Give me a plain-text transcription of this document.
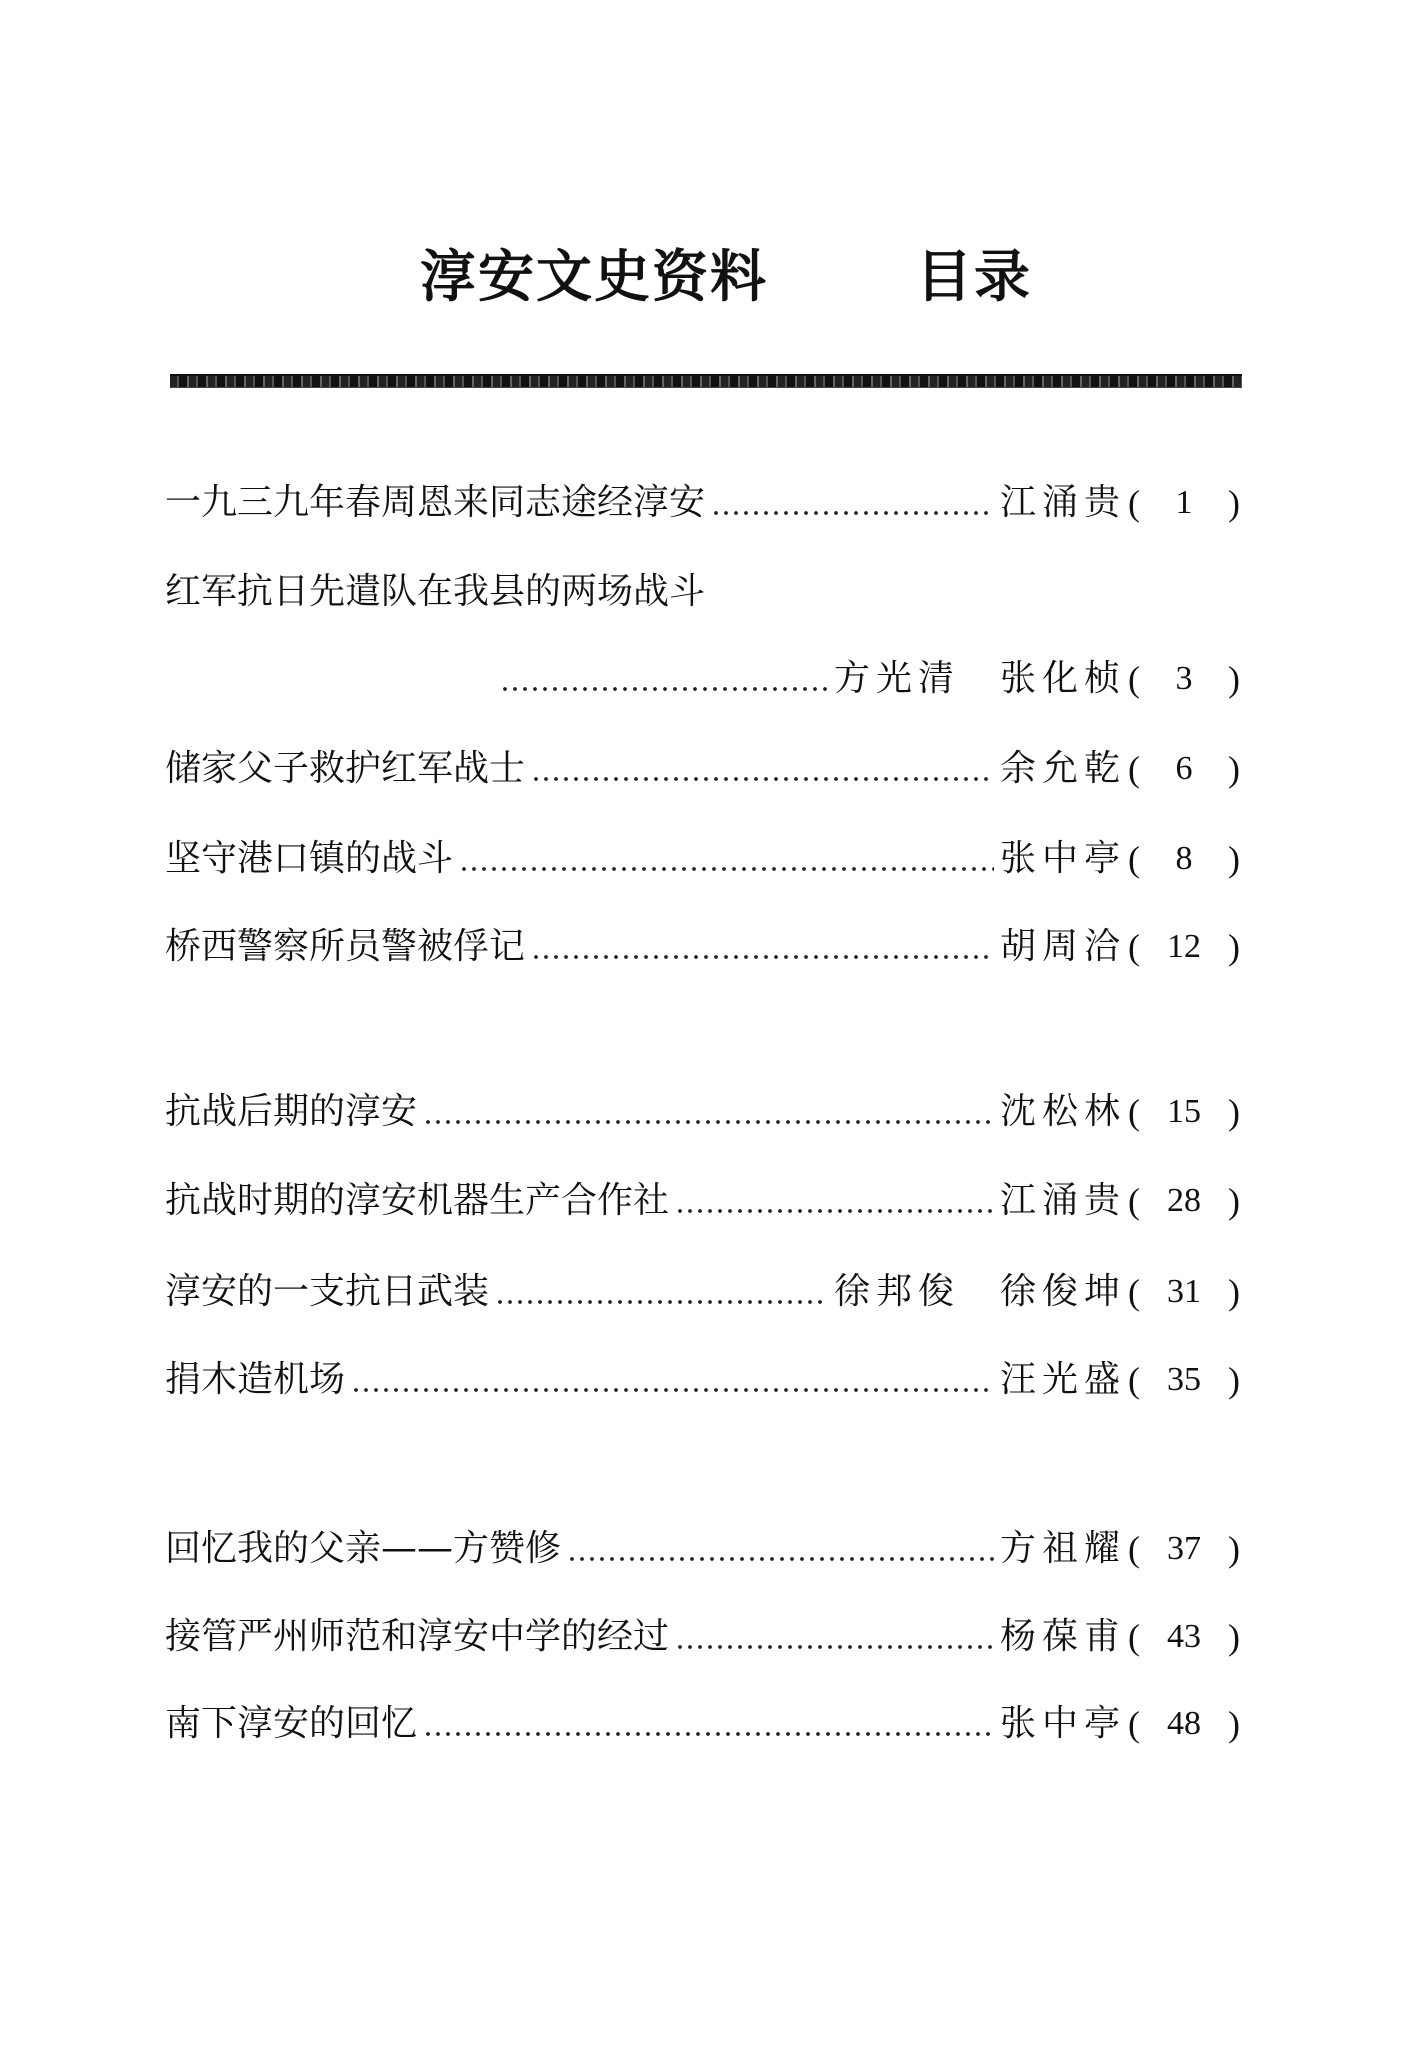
淳安文史资料	目录
一九三九年春周恩来同志途经淳安	江涌贵 (	1 )
红军抗日先遣队在我县的两场战斗
方光清 张化桢 (	3 )
储家父子救护红军战士	余允乾 (	6 )
坚守港口镇的战斗	张中亭 (	8 )
桥西警察所员警被俘记	胡周洽 ( 12 )
抗战后期的淳安	沈松林 ( 15 )
抗战时期的淳安机器生产合作社	江涌贵 ( 28 )
淳安的一支抗日武装	徐邦俊 徐俊坤 ( 31 )
捐木造机场	汪光盛 ( 35 )
回忆我的父亲——方赞修	方祖耀 ( 37 )
接管严州师范和淳安中学的经过	杨葆甫 ( 43 )
南下淳安的回忆	张中亭 ( 48 )
